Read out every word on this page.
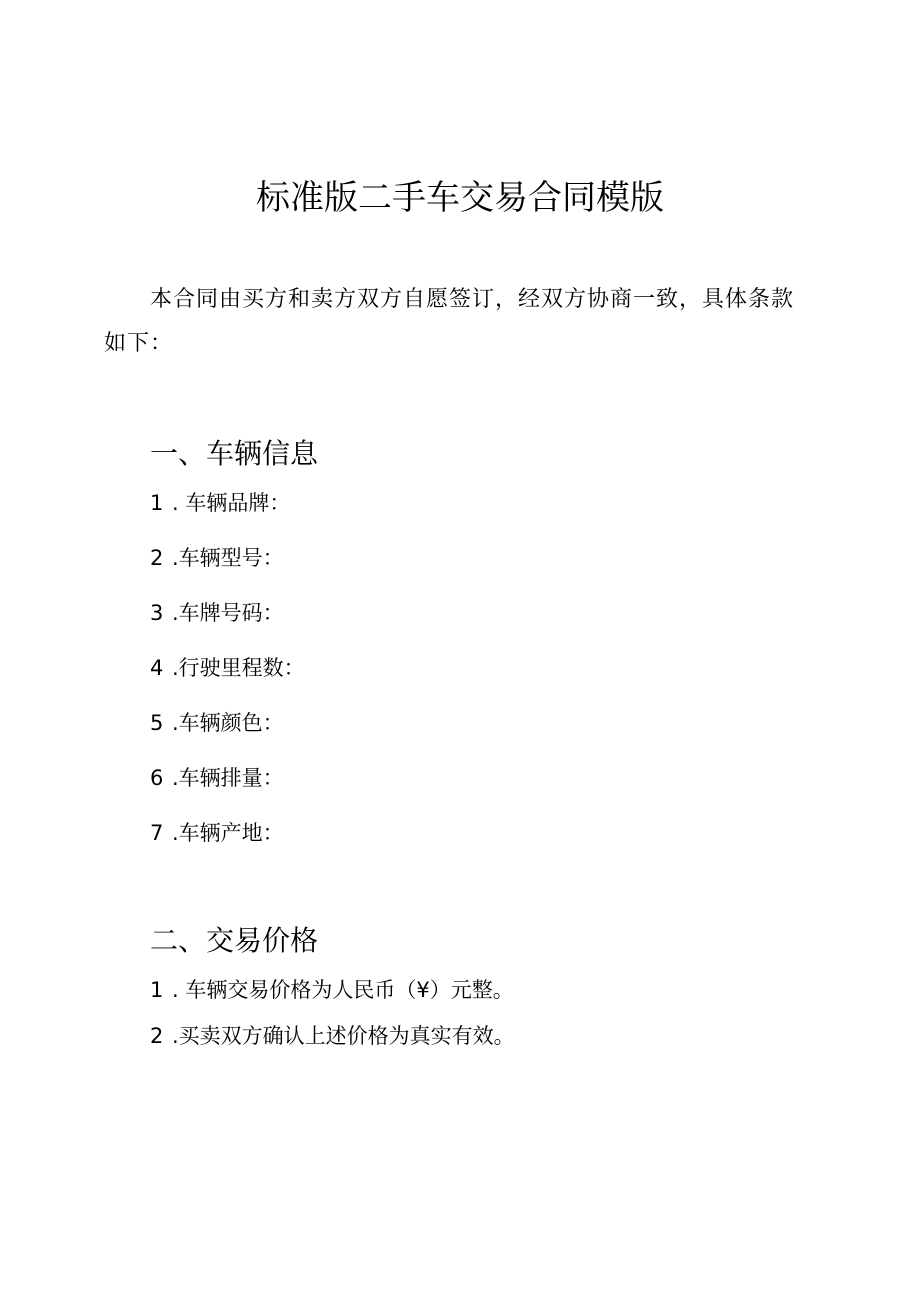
标准版二手车交易合同模版

本合同由买方和卖方双方自愿签订，经双方协商一致，具体条款如下：

一、车辆信息
1 . 车辆品牌：
2 .车辆型号：
3 .车牌号码：
4 .行驶里程数：
5 .车辆颜色：
6 .车辆排量：
7 .车辆产地：
二、交易价格
1 . 车辆交易价格为人民币（¥）元整。
2 .买卖双方确认上述价格为真实有效。
